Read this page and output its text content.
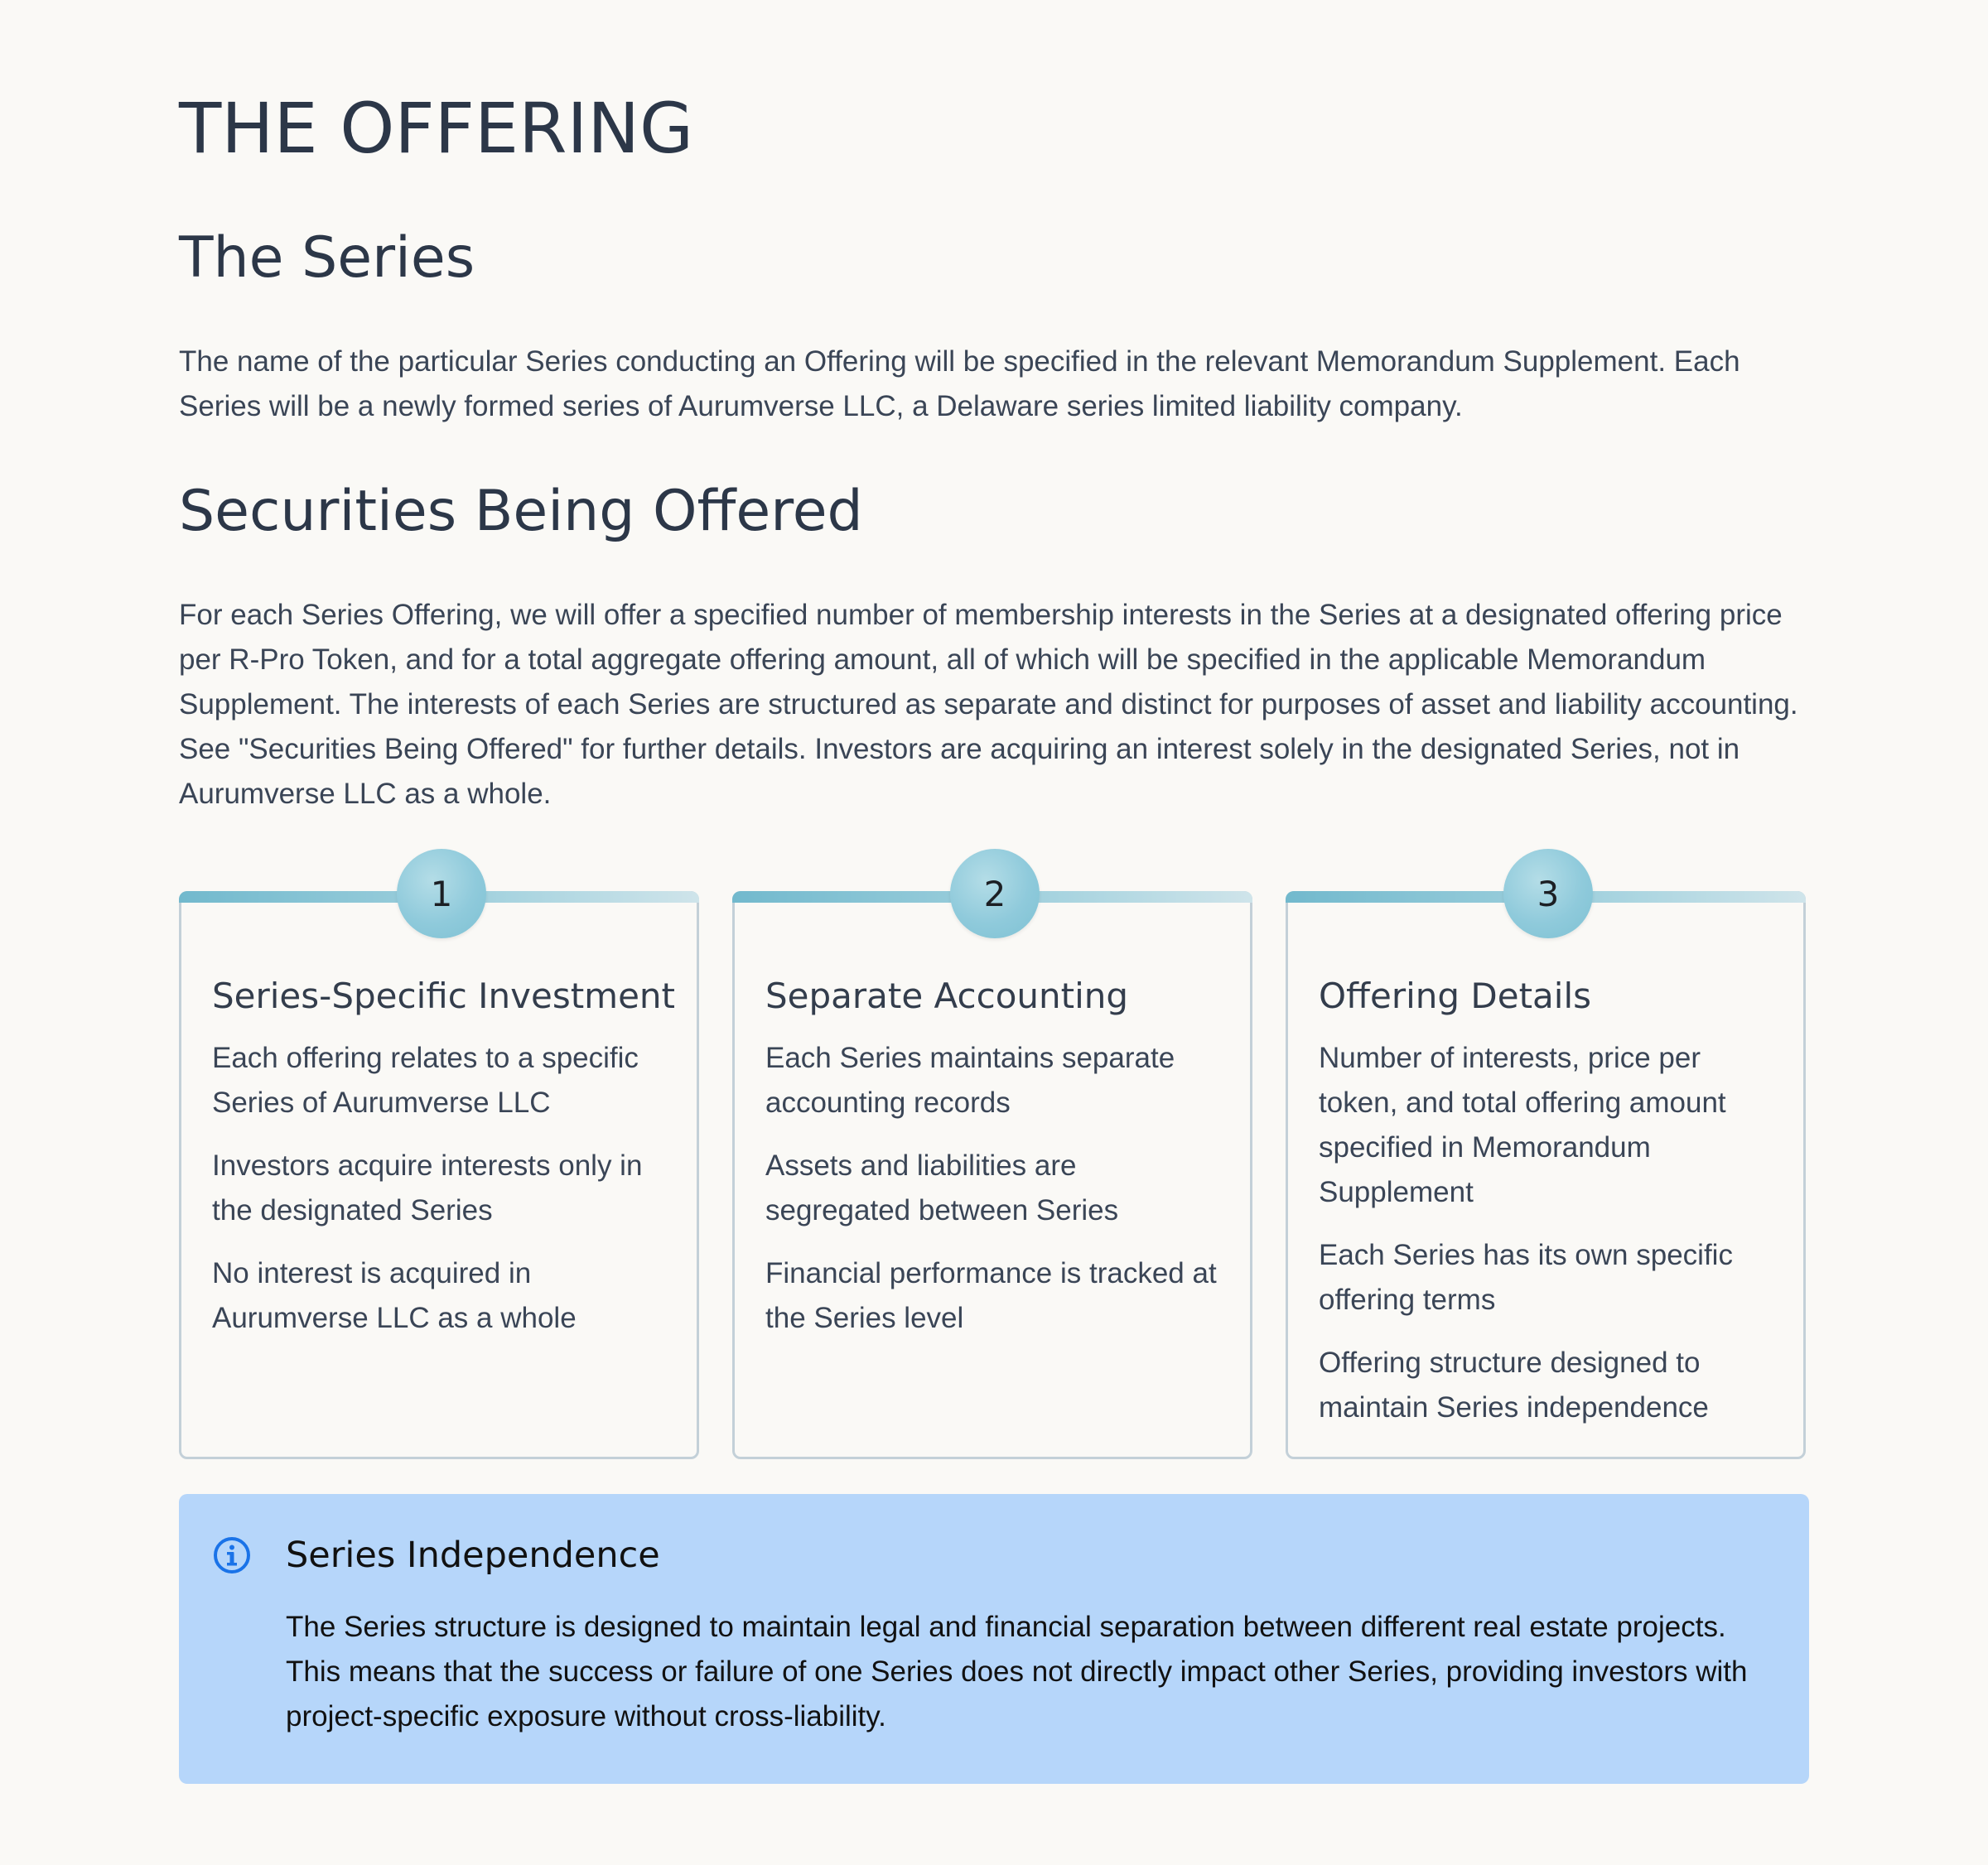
THE OFFERING
The Series

The name of the particular Series conducting an Offering will be specified in the relevant Memorandum Supplement. Each Series will be a newly formed series of Aurumverse LLC, a Delaware series limited liability company.

Securities Being Offered

For each Series Offering, we will offer a specified number of membership interests in the Series at a designated offering price per R-Pro Token, and for a total aggregate offering amount, all of which will be specified in the applicable Memorandum Supplement. The interests of each Series are structured as separate and distinct for purposes of asset and liability accounting. See "Securities Being Offered" for further details. Investors are acquiring an interest solely in the designated Series, not in Aurumverse LLC as a whole.

1
Series-Specific Investment
Each offering relates to a specific Series of Aurumverse LLC
Investors acquire interests only in the designated Series
No interest is acquired in Aurumverse LLC as a whole
2
Separate Accounting
Each Series maintains separate accounting records
Assets and liabilities are segregated between Series
Financial performance is tracked at the Series level
3
Offering Details
Number of interests, price per token, and total offering amount specified in Memorandum Supplement
Each Series has its own specific offering terms
Offering structure designed to maintain Series independence
Series Independence

The Series structure is designed to maintain legal and financial separation between different real estate projects. This means that the success or failure of one Series does not directly impact other Series, providing investors with project-specific exposure without cross-liability.
